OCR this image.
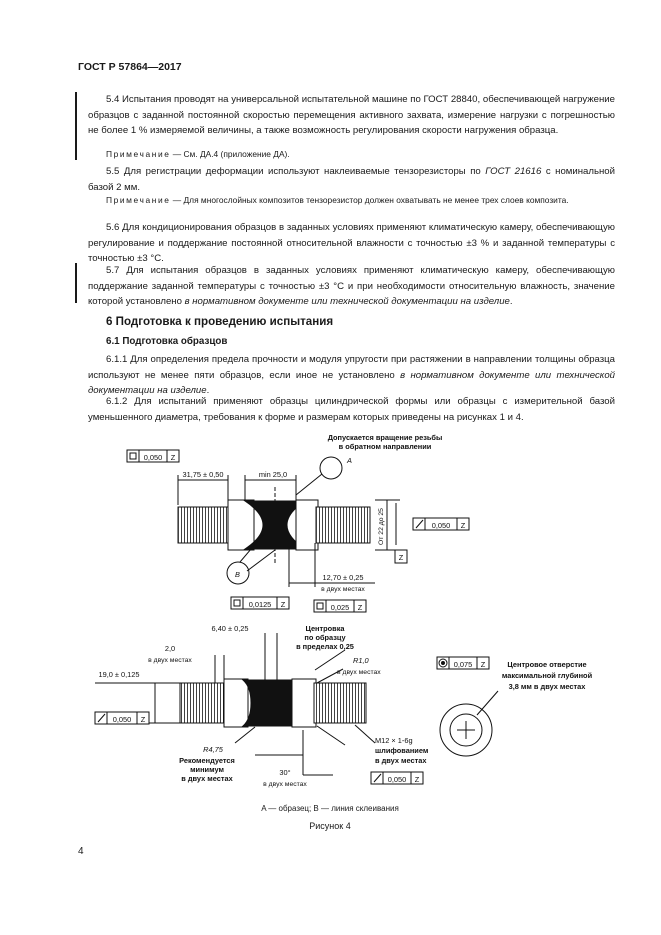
ГОСТ Р 57864—2017

5.4 Испытания проводят на универсальной испытательной машине по ГОСТ 28840, обеспечивающей нагружение образцов с заданной постоянной скоростью перемещения активного захвата, измерение нагрузки с погрешностью не более 1 % измеряемой величины, а также возможность регулирования скорости нагружения образца.

Примечание — См. ДА.4 (приложение ДА).

5.5 Для регистрации деформации используют наклеиваемые тензорезисторы по ГОСТ 21616 с номинальной базой 2 мм.

Примечание — Для многослойных композитов тензорезистор должен охватывать не менее трех слоев композита.

5.6 Для кондиционирования образцов в заданных условиях применяют климатическую камеру, обеспечивающую регулирование и поддержание постоянной относительной влажности с точностью ±3 % и заданной температуры с точностью ±3 °С.

5.7 Для испытания образцов в заданных условиях применяют климатическую камеру, обеспечивающую поддержание заданной температуры с точностью ±3 °С и при необходимости относительную влажность, значение которой установлено в нормативном документе или технической документации на изделие.

6 Подготовка к проведению испытания
6.1 Подготовка образцов

6.1.1 Для определения предела прочности и модуля упругости при растяжении в направлении толщины образца используют не менее пяти образцов, если иное не установлено в нормативном документе или технической документации на изделие.

6.1.2 Для испытаний применяют образцы цилиндрической формы или образцы с измерительной базой уменьшенного диаметра, требования к форме и размерам которых приведены на рисунках 1 и 4.

Допускается вращение резьбы
в обратном направлении
0,050 Z
31,75 ± 0,50	min 25,0
A
B
От 22 до 25	0,050 Z
Z
12,70 ± 0,25
в двух местах
0,0125 Z	0,025 Z
6,40 ± 0,25	Центровка
по образцу
в пределах 0,25
2,0
в двух местах
19,0 ± 0,125
R1,0
в двух местах
0,050 Z
R4,75
Рекомендуется
минимум
в двух местах
M12 × 1-6g
шлифованием
в двух местах
30°
в двух местах
0,050 Z
0,075 Z	Центровое отверстие
максимальной глубиной
3,8 мм в двух местах
A — образец; B — линия склеивания
Рисунок 4
4
